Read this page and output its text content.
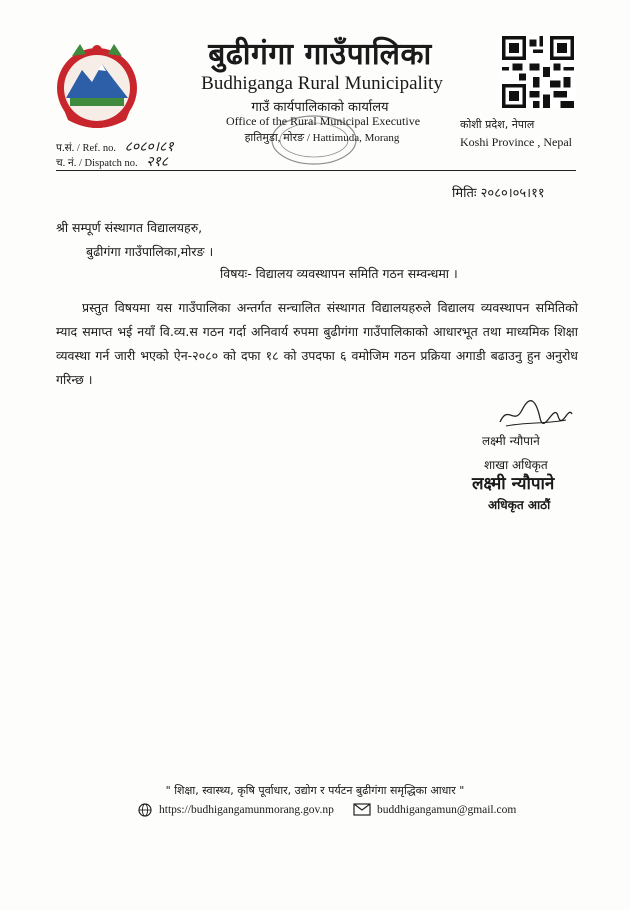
बुढीगंगा गाउँपालिका
Budhiganga Rural Municipality
गाउँ कार्यपालिकाको कार्यालय
Office of the Rural Municipal Executive
हातिमुडा, मोरङ / Hattimuda, Morang
कोशी प्रदेश, नेपाल
Koshi Province , Nepal
प.सं. / Ref. no. ८०८०।८१
च. नं. / Dispatch no. २१८
मितिः २०८०।०५।११
श्री सम्पूर्ण संस्थागत विद्यालयहरु,
बुढीगंगा गाउँपालिका,मोरङ ।
विषयः- विद्यालय व्यवस्थापन समिति गठन सम्वन्धमा ।
प्रस्तुत विषयमा यस गाउँपालिका अन्तर्गत सन्चालित संस्थागत विद्यालयहरुले विद्यालय व्यवस्थापन समितिको म्याद समाप्त भई नयाँ वि.व्य.स गठन गर्दा अनिवार्य रुपमा बुढीगंगा गाउँपालिकाको आधारभूत तथा माध्यमिक शिक्षा व्यवस्था गर्न जारी भएको ऐन-२०८० को दफा १८ को उपदफा ६ वमोजिम गठन प्रक्रिया अगाडी बढाउनु हुन अनुरोध गरिन्छ ।
लक्ष्मी न्यौपाने
शाखा अधिकृत
लक्ष्मी न्यौपाने
अधिकृत आठौं
" शिक्षा, स्वास्थ्य, कृषि पूर्वाधार, उद्योग र पर्यटन बुढीगंगा समृद्धिका आधार "
https://budhigangamunmorang.gov.np	buddhigangamun@gmail.com
